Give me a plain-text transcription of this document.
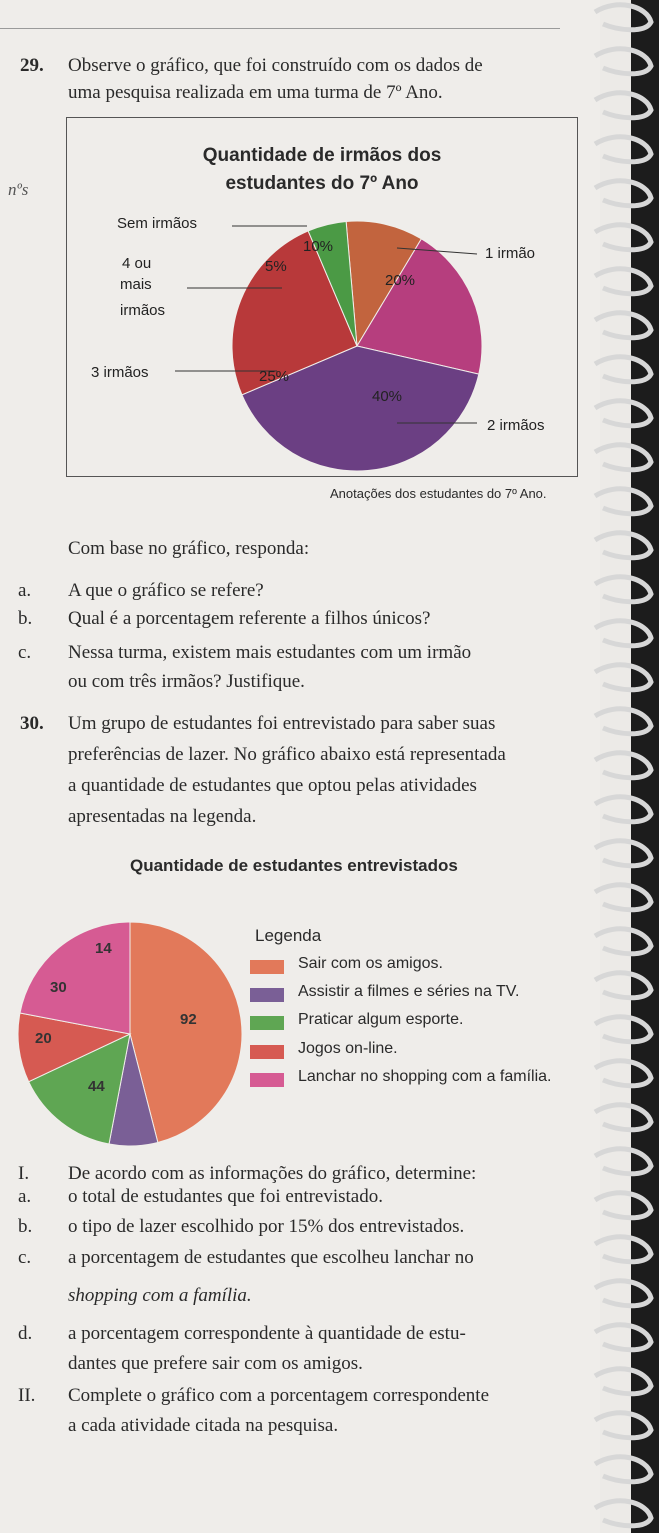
29. Observe o gráfico, que foi construído com os dados de
uma pesquisa realizada em uma turma de 7º Ano.
nºs
Quantidade de irmãos dos
estudantes do 7º Ano
Sem irmãos
4 ou
mais
irmãos
3 irmãos
1 irmão
2 irmãos
10%
5%
20%
40%
25%
Anotações dos estudantes do 7º Ano.
Com base no gráfico, responda:
a. A que o gráfico se refere?
b. Qual é a porcentagem referente a filhos únicos?
c. Nessa turma, existem mais estudantes com um irmão
ou com três irmãos? Justifique.
30. Um grupo de estudantes foi entrevistado para saber suas
preferências de lazer. No gráfico abaixo está representada
a quantidade de estudantes que optou pelas atividades
apresentadas na legenda.
Quantidade de estudantes entrevistados
14
30
92
20
44
Legenda
Sair com os amigos.
Assistir a filmes e séries na TV.
Praticar algum esporte.
Jogos on-line.
Lanchar no shopping com a família.
I. De acordo com as informações do gráfico, determine:
a. o total de estudantes que foi entrevistado.
b. o tipo de lazer escolhido por 15% dos entrevistados.
c. a porcentagem de estudantes que escolheu lanchar no
shopping com a família.
d. a porcentagem correspondente à quantidade de estu-
dantes que prefere sair com os amigos.
II. Complete o gráfico com a porcentagem correspondente
a cada atividade citada na pesquisa.
